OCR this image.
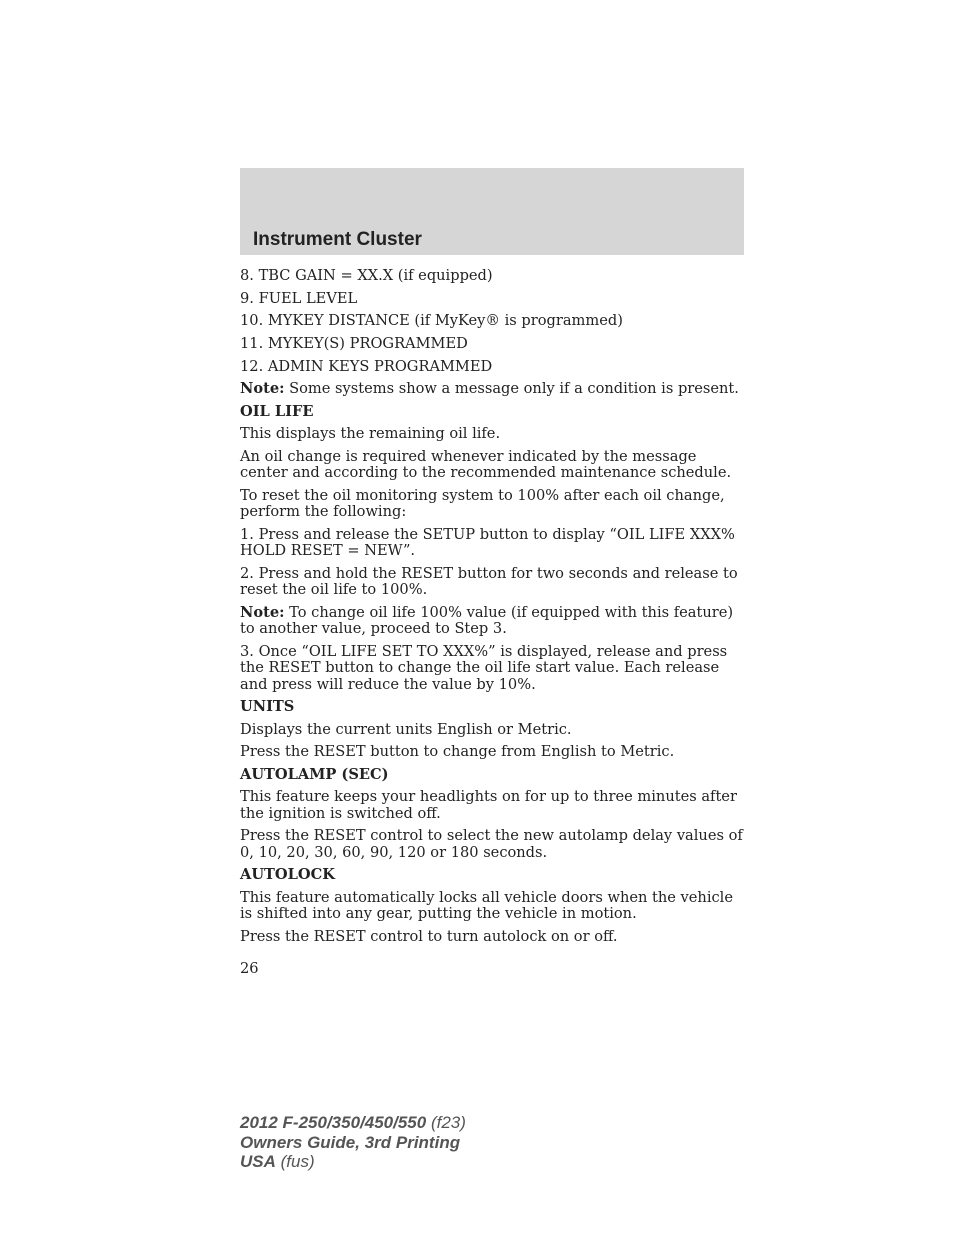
Instrument Cluster
8. TBC GAIN = XX.X (if equipped)
9. FUEL LEVEL
10. MYKEY DISTANCE (if MyKey® is programmed)
11. MYKEY(S) PROGRAMMED
12. ADMIN KEYS PROGRAMMED
Note: Some systems show a message only if a condition is present.
OIL LIFE
This displays the remaining oil life.
An oil change is required whenever indicated by the message center and according to the recommended maintenance schedule.
To reset the oil monitoring system to 100% after each oil change, perform the following:
1. Press and release the SETUP button to display “OIL LIFE XXX% HOLD RESET = NEW”.
2. Press and hold the RESET button for two seconds and release to reset the oil life to 100%.
Note: To change oil life 100% value (if equipped with this feature) to another value, proceed to Step 3.
3. Once “OIL LIFE SET TO XXX%” is displayed, release and press the RESET button to change the oil life start value. Each release and press will reduce the value by 10%.
UNITS
Displays the current units English or Metric.
Press the RESET button to change from English to Metric.
AUTOLAMP (SEC)
This feature keeps your headlights on for up to three minutes after the ignition is switched off.
Press the RESET control to select the new autolamp delay values of 0, 10, 20, 30, 60, 90, 120 or 180 seconds.
AUTOLOCK
This feature automatically locks all vehicle doors when the vehicle is shifted into any gear, putting the vehicle in motion.
Press the RESET control to turn autolock on or off.
26
2012 F-250/350/450/550 (f23)
Owners Guide, 3rd Printing
USA (fus)
